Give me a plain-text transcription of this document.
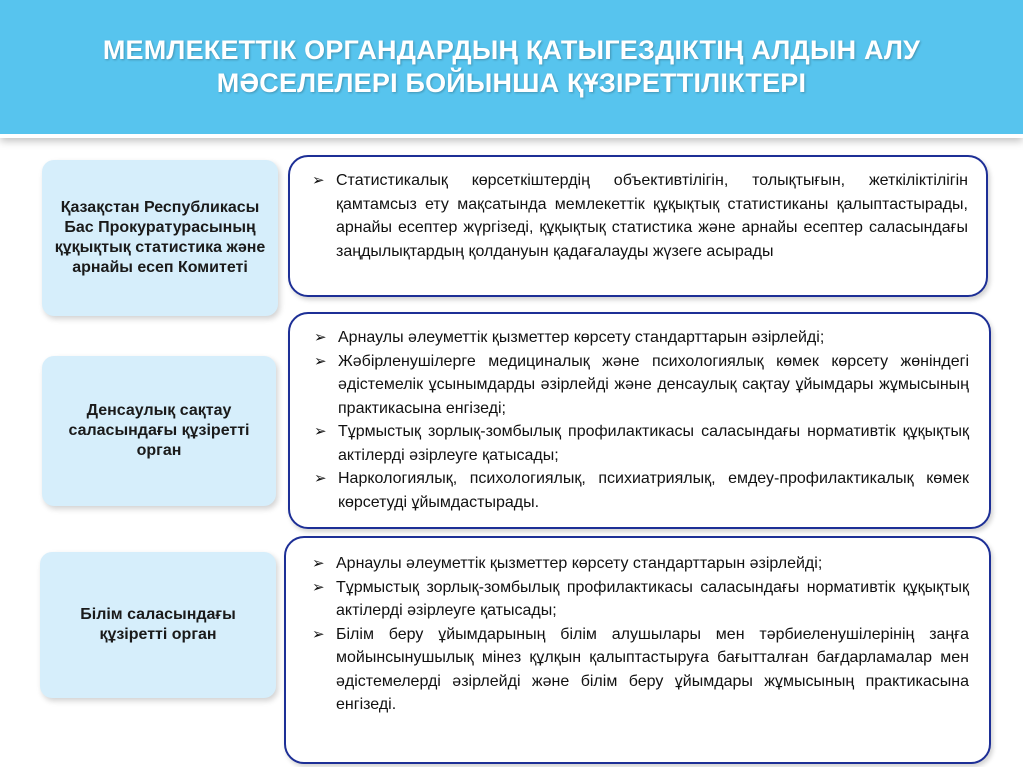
МЕМЛЕКЕТТІК ОРГАНДАРДЫҢ ҚАТЫГЕЗДІКТІҢ АЛДЫН АЛУ МӘСЕЛЕЛЕРІ БОЙЫНША ҚҰЗІРЕТТІЛІКТЕРІ
Қазақстан Республикасы Бас Прокуратурасының құқықтық статистика және арнайы есеп Комитеті
➢ Статистикалық көрсеткіштердің объективтілігін, толықтығын, жеткіліктілігін қамтамсыз ету мақсатында мемлекеттік құқықтық статистиканы қалыптастырады, арнайы есептер жүргізеді, құқықтық статистика және арнайы есептер саласындағы заңдылықтардың қолдануын қадағалауды жүзеге асырады
Денсаулық сақтау саласындағы құзіретті орган
➢ Арнаулы әлеуметтік қызметтер көрсету стандарттарын әзірлейді;
➢ Жәбірленушілерге медициналық және психологиялық көмек көрсету жөніндегі әдістемелік ұсынымдарды әзірлейді және денсаулық сақтау ұйымдары жұмысының практикасына енгізеді;
➢ Тұрмыстық зорлық-зомбылық профилактикасы саласындағы нормативтік құқықтық актілерді әзірлеуге қатысады;
➢ Наркологиялық, психологиялық, психиатриялық, емдеу-профилактикалық көмек көрсетуді ұйымдастырады.
Білім саласындағы құзіретті орган
➢ Арнаулы әлеуметтік қызметтер көрсету стандарттарын әзірлейді;
➢ Тұрмыстық зорлық-зомбылық профилактикасы саласындағы нормативтік құқықтық актілерді әзірлеуге қатысады;
➢ Білім беру ұйымдарының білім алушылары мен тәрбиеленушілерінің заңға мойынсынушылық мінез құлқын қалыптастыруға бағытталған бағдарламалар мен әдістемелерді әзірлейді және білім беру ұйымдары жұмысының практикасына енгізеді.
